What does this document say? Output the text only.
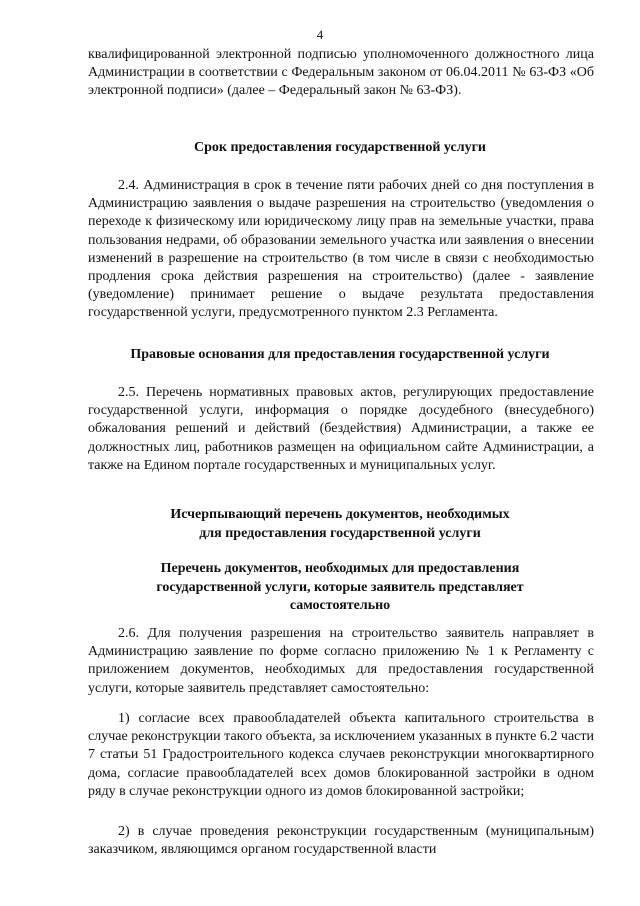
4
квалифицированной электронной подписью уполномоченного должностного лица Администрации в соответствии с Федеральным законом от 06.04.2011 № 63-ФЗ «Об электронной подписи» (далее – Федеральный закон № 63-ФЗ).
Срок предоставления государственной услуги
2.4. Администрация в срок в течение пяти рабочих дней со дня поступления в Администрацию заявления о выдаче разрешения на строительство (уведомления о переходе к физическому или юридическому лицу прав на земельные участки, права пользования недрами, об образовании земельного участка или заявления о внесении изменений в разрешение на строительство (в том числе в связи с необходимостью продления срока действия разрешения на строительство) (далее - заявление (уведомление) принимает решение о выдаче результата предоставления государственной услуги, предусмотренного пунктом 2.3 Регламента.
Правовые основания для предоставления государственной услуги
2.5. Перечень нормативных правовых актов, регулирующих предоставление государственной услуги, информация о порядке досудебного (внесудебного) обжалования решений и действий (бездействия) Администрации, а также ее должностных лиц, работников размещен на официальном сайте Администрации, а также на Едином портале государственных и муниципальных услуг.
Исчерпывающий перечень документов, необходимых
для предоставления государственной услуги
Перечень документов, необходимых для предоставления
государственной услуги, которые заявитель представляет
самостоятельно
2.6. Для получения разрешения на строительство заявитель направляет в Администрацию заявление по форме согласно приложению № 1 к Регламенту с приложением документов, необходимых для предоставления государственной услуги, которые заявитель представляет самостоятельно:
1) согласие всех правообладателей объекта капитального строительства в случае реконструкции такого объекта, за исключением указанных в пункте 6.2 части 7 статьи 51 Градостроительного кодекса случаев реконструкции многоквартирного дома, согласие правообладателей всех домов блокированной застройки в одном ряду в случае реконструкции одного из домов блокированной застройки;
2) в случае проведения реконструкции государственным (муниципальным) заказчиком, являющимся органом государственной власти
